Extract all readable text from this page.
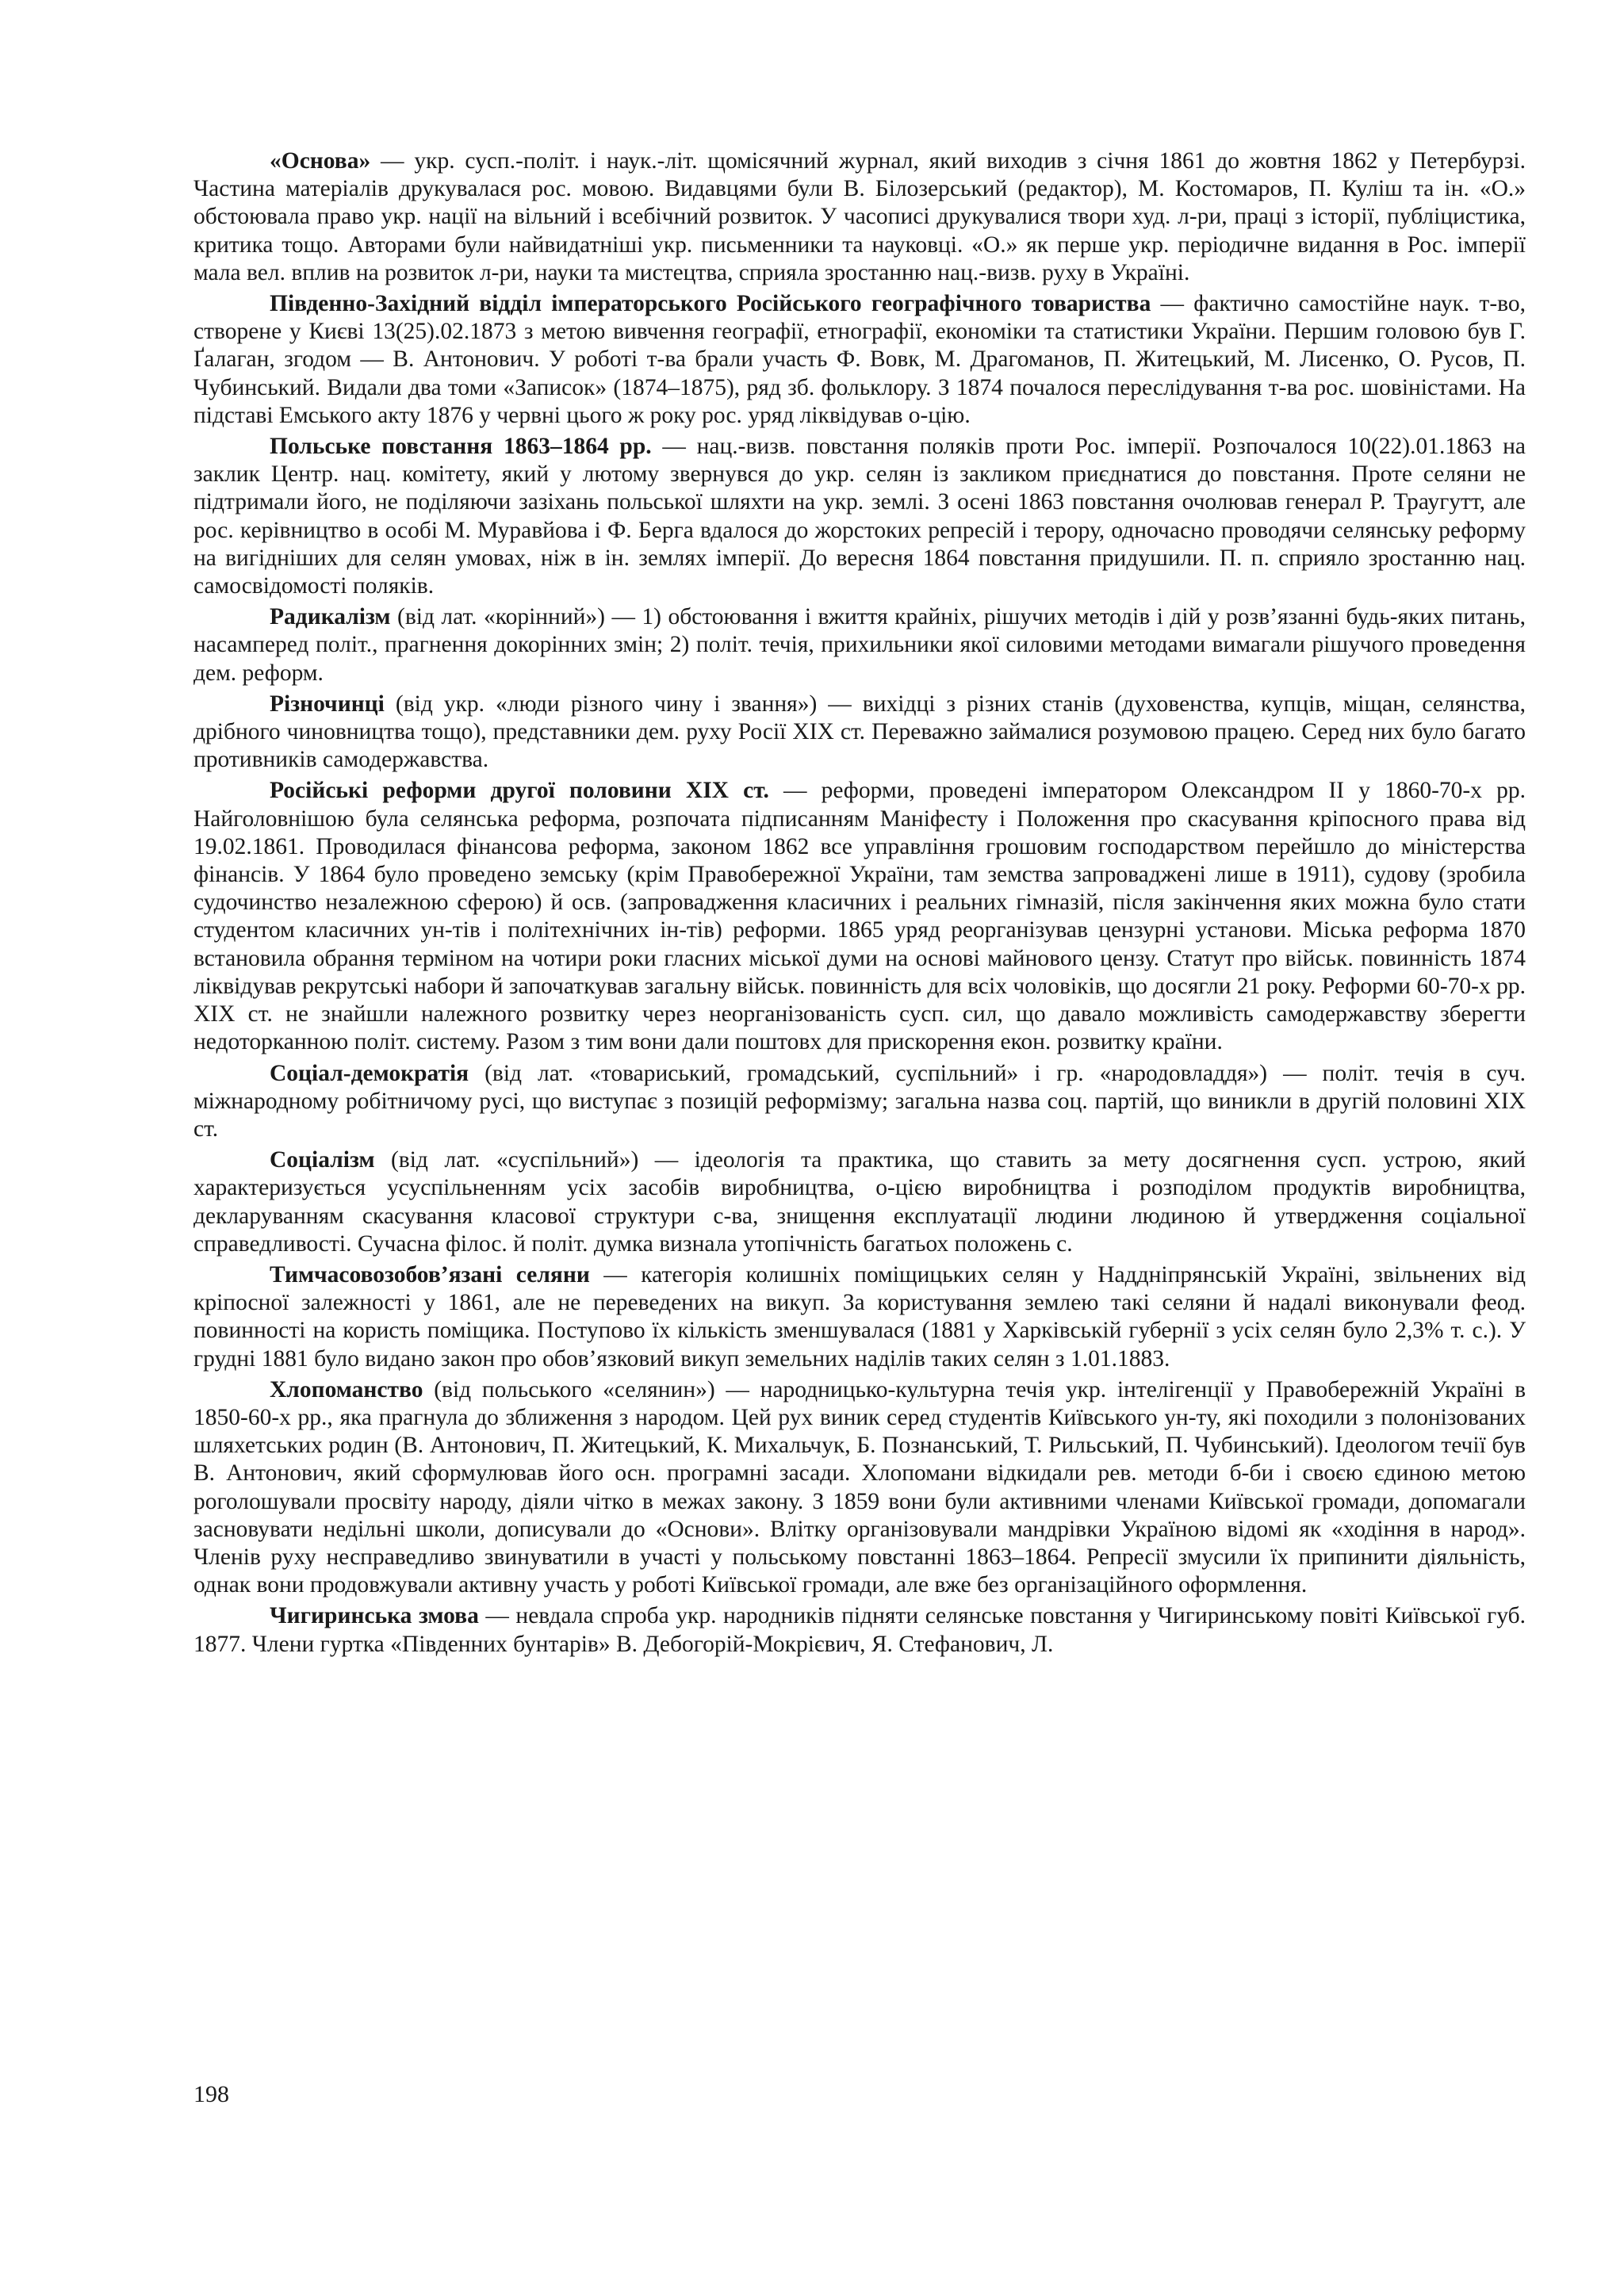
«Основа» — укр. сусп.-політ. і наук.-літ. щомісячний журнал, який виходив з січня 1861 до жовтня 1862 у Петербурзі. Частина матеріалів друкувалася рос. мовою. Видавцями були В. Білозерський (редактор), М. Костомаров, П. Куліш та ін. «О.» обстоювала право укр. нації на вільний і всебічний розвиток. У часописі друкувалися твори худ. л-ри, праці з історії, публіцистика, критика тощо. Авторами були найвидатніші укр. письменники та науковці. «О.» як перше укр. періодичне видання в Рос. імперії мала вел. вплив на розвиток л-ри, науки та мистецтва, сприяла зростанню нац.-визв. руху в Україні.

Південно-Західний відділ імператорського Російського географічного товариства — фактично самостійне наук. т-во, створене у Києві 13(25).02.1873 з метою вивчення географії, етнографії, економіки та статистики України. Першим головою був Г. Ґалаган, згодом — В. Антонович. У роботі т-ва брали участь Ф. Вовк, М. Драгоманов, П. Житецький, М. Лисенко, О. Русов, П. Чубинський. Видали два томи «Записок» (1874–1875), ряд зб. фольклору. З 1874 почалося переслідування т-ва рос. шовіністами. На підставі Емського акту 1876 у червні цього ж року рос. уряд ліквідував о-цію.

Польське повстання 1863–1864 рр. — нац.-визв. повстання поляків проти Рос. імперії. Розпочалося 10(22).01.1863 на заклик Центр. нац. комітету, який у лютому звернувся до укр. селян із закликом приєднатися до повстання. Проте селяни не підтримали його, не поділяючи зазіхань польської шляхти на укр. землі. З осені 1863 повстання очолював генерал Р. Траугутт, але рос. керівництво в особі М. Муравйова і Ф. Берга вдалося до жорстоких репресій і терору, одночасно проводячи селянську реформу на вигідніших для селян умовах, ніж в ін. землях імперії. До вересня 1864 повстання придушили. П. п. сприяло зростанню нац. самосвідомості поляків.

Радикалізм (від лат. «корінний») — 1) обстоювання і вжиття крайніх, рішучих методів і дій у розв’язанні будь-яких питань, насамперед політ., прагнення докорінних змін; 2) політ. течія, прихильники якої силовими методами вимагали рішучого проведення дем. реформ.

Різночинці (від укр. «люди різного чину і звання») — вихідці з різних станів (духовенства, купців, міщан, селянства, дрібного чиновництва тощо), представники дем. руху Росії XIX ст. Переважно займалися розумовою працею. Серед них було багато противників самодержавства.

Російські реформи другої половини XIX ст. — реформи, проведені імператором Олександром II у 1860-70-х рр. Найголовнішою була селянська реформа, розпочата підписанням Маніфесту і Положення про скасування кріпосного права від 19.02.1861. Проводилася фінансова реформа, законом 1862 все управління грошовим господарством перейшло до міністерства фінансів. У 1864 було проведено земську (крім Правобережної України, там земства запроваджені лише в 1911), судову (зробила судочинство незалежною сферою) й осв. (запровадження класичних і реальних гімназій, після закінчення яких можна було стати студентом класичних ун-тів і політехнічних ін-тів) реформи. 1865 уряд реорганізував цензурні установи. Міська реформа 1870 встановила обрання терміном на чотири роки гласних міської думи на основі майнового цензу. Статут про військ. повинність 1874 ліквідував рекрутські набори й започаткував загальну військ. повинність для всіх чоловіків, що досягли 21 року. Реформи 60-70-х рр. XIX ст. не знайшли належного розвитку через неорганізованість сусп. сил, що давало можливість самодержавству зберегти недоторканною політ. систему. Разом з тим вони дали поштовх для прискорення екон. розвитку країни.

Соціал-демократія (від лат. «товариський, громадський, суспільний» і гр. «народовладдя») — політ. течія в суч. міжнародному робітничому русі, що виступає з позицій реформізму; загальна назва соц. партій, що виникли в другій половині XIX ст.

Соціалізм (від лат. «суспільний») — ідеологія та практика, що ставить за мету досягнення сусп. устрою, який характеризується усуспільненням усіх засобів виробництва, о-цією виробництва і розподілом продуктів виробництва, декларуванням скасування класової структури с-ва, знищення експлуатації людини людиною й утвердження соціальної справедливості. Сучасна філос. й політ. думка визнала утопічність багатьох положень с.

Тимчасовозобов’язані селяни — категорія колишніх поміщицьких селян у Наддніпрянській Україні, звільнених від кріпосної залежності у 1861, але не переведених на викуп. За користування землею такі селяни й надалі виконували феод. повинності на користь поміщика. Поступово їх кількість зменшувалася (1881 у Харківській губернії з усіх селян було 2,3% т. с.). У грудні 1881 було видано закон про обов’язковий викуп земельних наділів таких селян з 1.01.1883.

Хлопоманство (від польського «селянин») — народницько-культурна течія укр. інтелігенції у Правобережній Україні в 1850-60-х рр., яка прагнула до зближення з народом. Цей рух виник серед студентів Київського ун-ту, які походили з полонізованих шляхетських родин (В. Антонович, П. Житецький, К. Михальчук, Б. Познанський, Т. Рильський, П. Чубинський). Ідеологом течії був В. Антонович, який сформулював його осн. програмні засади. Хлопомани відкидали рев. методи б-би і своєю єдиною метою роголошували просвіту народу, діяли чітко в межах закону. З 1859 вони були активними членами Київської громади, допомагали засновувати недільні школи, дописували до «Основи». Влітку організовували мандрівки Україною відомі як «ходіння в народ». Членів руху несправедливо звинуватили в участі у польському повстанні 1863–1864. Репресії змусили їх припинити діяльність, однак вони продовжували активну участь у роботі Київської громади, але вже без організаційного оформлення.

Чигиринська змова — невдала спроба укр. народників підняти селянське повстання у Чигиринському повіті Київської губ. 1877. Члени гуртка «Південних бунтарів» В. Дебогорій-Мокрієвич, Я. Стефанович, Л.

198
